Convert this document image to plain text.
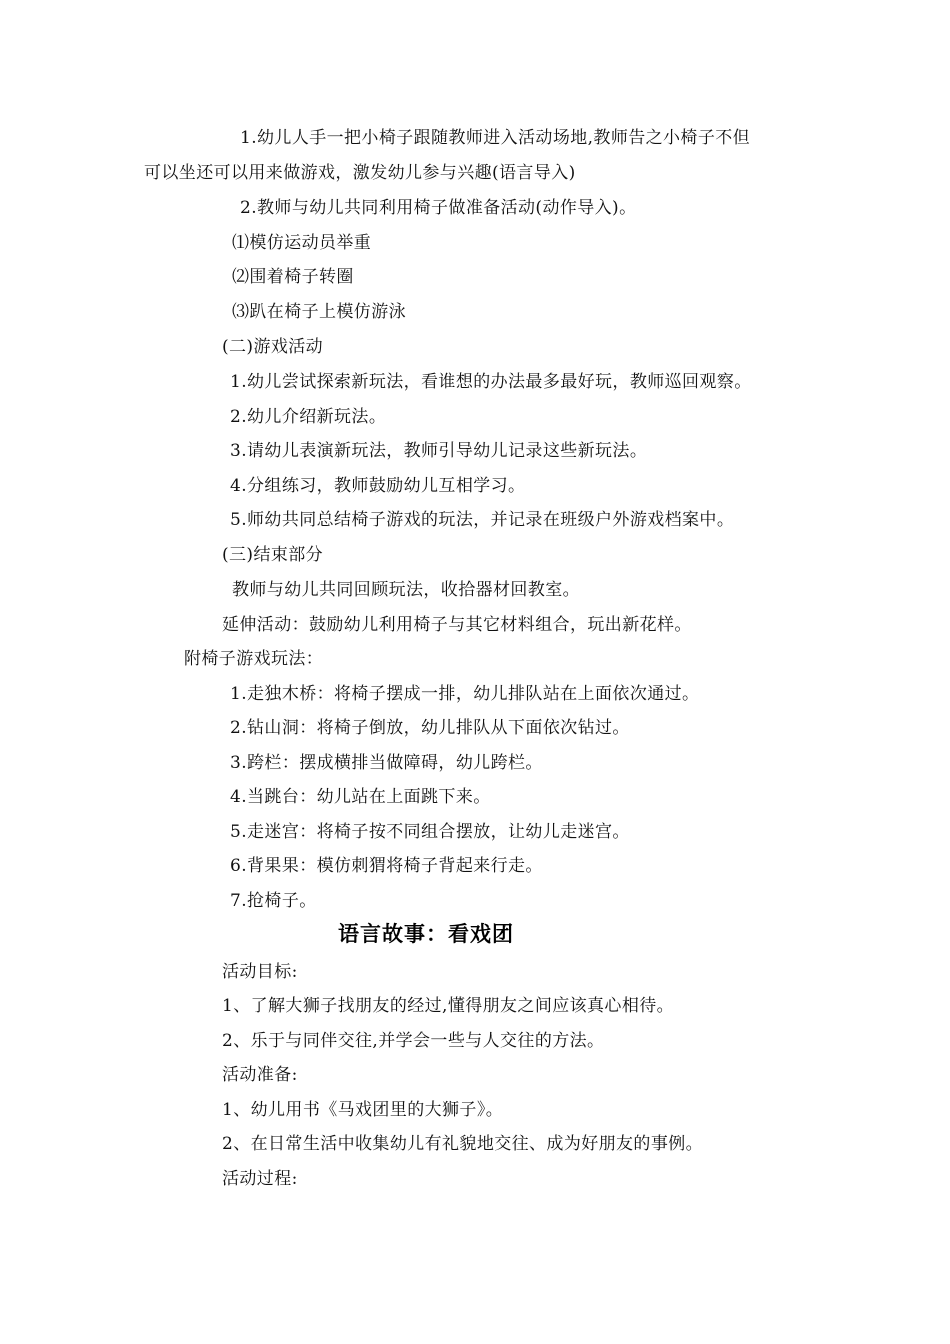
1.幼儿人手一把小椅子跟随教师进入活动场地,教师告之小椅子不但
可以坐还可以用来做游戏，激发幼儿参与兴趣(语言导入)
2.教师与幼儿共同利用椅子做准备活动(动作导入)。
⑴模仿运动员举重
⑵围着椅子转圈
⑶趴在椅子上模仿游泳
(二)游戏活动
1.幼儿尝试探索新玩法，看谁想的办法最多最好玩，教师巡回观察。
2.幼儿介绍新玩法。
3.请幼儿表演新玩法，教师引导幼儿记录这些新玩法。
4.分组练习，教师鼓励幼儿互相学习。
5.师幼共同总结椅子游戏的玩法，并记录在班级户外游戏档案中。
(三)结束部分
教师与幼儿共同回顾玩法，收拾器材回教室。
延伸活动：鼓励幼儿利用椅子与其它材料组合，玩出新花样。
附椅子游戏玩法：
1.走独木桥：将椅子摆成一排，幼儿排队站在上面依次通过。
2.钻山洞：将椅子倒放，幼儿排队从下面依次钻过。
3.跨栏：摆成横排当做障碍，幼儿跨栏。
4.当跳台：幼儿站在上面跳下来。
5.走迷宫：将椅子按不同组合摆放，让幼儿走迷宫。
6.背果果：模仿刺猬将椅子背起来行走。
7.抢椅子。
语言故事：看戏团
活动目标:
1、了解大狮子找朋友的经过,懂得朋友之间应该真心相待。
2、乐于与同伴交往,并学会一些与人交往的方法。
活动准备:
1、幼儿用书《马戏团里的大狮子》。
2、在日常生活中收集幼儿有礼貌地交往、成为好朋友的事例。
活动过程:
